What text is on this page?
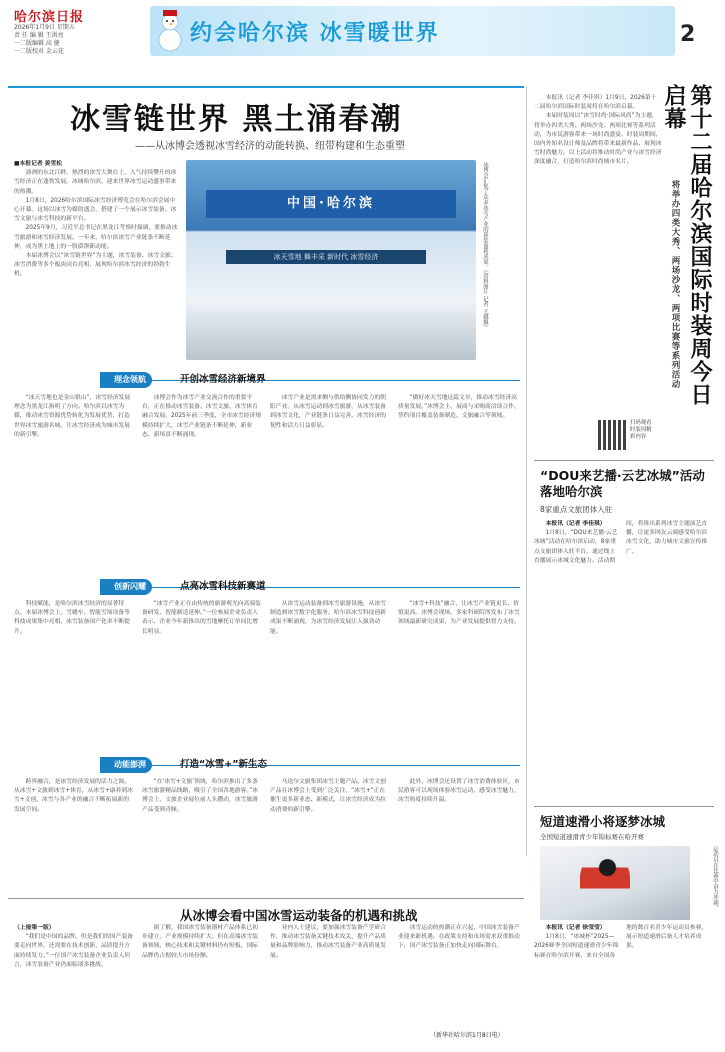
哈尔滨日报
2026年1月9日 星期五
责 任 编 辑 王洪亮
一二版编辑 高 健
一二版校对 金云花
约会哈尔滨 冰雪暖世界	2
冰雪链世界 黑土涌春潮
——从冰博会透视冰雪经济的动能转换、纽带构建和生态重塑

■本报记者 姜雪松

凛冽的东北江畔，热烈的冰雪大舞台上，人气持续攀升的冰雪经济正在蓬勃发展。冰城哈尔滨，迎来世界冰雪运动盛事带来的热潮。

1月8日，2026哈尔滨国际冰雪经济博览会在哈尔滨会展中心开幕。这场以冰雪为媒的盛会，搭建了一个展示冰雪装备、冰雪文旅与冰雪科技的新平台。

2025年9月，习近平总书记在黑龙江考察时强调，要推动冰雪旅游和冰雪经济发展。一年来，哈尔滨冰雪产业链条不断延伸，成为黑土地上的一股澎湃新动能。

本届冰博会以“冰雪链世界”为主题，冰雪装备、冰雪文旅、冰雪消费等多个板块同台亮相，展现哈尔滨冰雪经济的勃勃生机。

中国·哈尔滨
冰天雪地 舞丰采 新时代 冰雪经济	冰博会汇集了众多冰雪产业的新装备新成果。（资料图片 记者 王越摄）
理念领航	开创冰雪经济新境界
“冰天雪地也是金山银山”，冰雪经济发展理念为黑龙江指明了方向。哈尔滨以冰雪为媒，推动冰雪资源优势转化为发展优势，打造世界冰雪旅游名城，让冰雪经济成为城市发展的新引擎。
冰博会作为冰雪产业交流合作的重要平台，正在推动冰雪装备、冰雪文旅、冰雪体育融合发展。2025年前三季度，全市冰雪经济规模持续扩大，冰雪产业链条不断延伸，新业态、新场景不断涌现。
冰雪产业是需求侧与供给侧协同发力的朝阳产业。从冰雪运动到冰雪旅游，从冰雪装备到冰雪文化，产业链条日益完善，冰雪经济的韧性和活力日益彰显。
“做好冰天雪地这篇文章，推动冰雪经济高质量发展。”冰博会上，展商与采购商洽谈合作，签约项目覆盖装备制造、文旅融合等领域。
创新闪耀	点亮冰雪科技新赛道
科技赋能，是哈尔滨冰雪经济的显著特点。本届冰博会上，雪蜡车、智能雪场设备等科技成果集中亮相，冰雪装备国产化率不断提升。
“冰雪产业正在由传统的旅游观光向高端装备研发、智能制造延伸。”一位参展企业负责人表示，企业今年新推出的雪地摩托订单同比增长明显。
从冰雪运动装备到冰雪旅游设施，从冰雪制造到冰雪数字化服务，哈尔滨冰雪科技创新成果不断涌现，为冰雪经济发展注入强劲动能。
“冰雪+科技”融合，让冰雪产业链更长、价值更高。冰博会现场，多家科研院所发布了冰雪领域最新研究成果，为产业发展提供智力支持。
动能澎湃	打造“冰雪+”新生态
跨界融合，是冰雪经济发展的活力之源。从冰雪+文旅到冰雪+体育，从冰雪+康养到冰雪+文创，冰雪与各产业的融合不断拓展新的发展空间。
“在‘冰雪+文旅’领域，哈尔滨推出了多条冰雪旅游精品线路，吸引了全国各地游客。”冰博会上，文旅企业展位前人头攒动，冰雪旅游产品受到青睐。
马迭尔文旅集团冰雪主题产品、冰雪文创产品在冰博会上受到广泛关注。“冰雪+”正在催生更多新业态、新模式，让冰雪经济成为拉动消费的新引擎。
此外，冰博会还设置了冰雪消费体验区，市民游客可以现场体验冰雪运动，感受冰雪魅力，冰雪热度持续升温。
从冰博会看中国冰雪运动装备的机遇和挑战

（上接第一版）

“我们是中国的品牌，但是我们的国产装备要走向世界，还需要在技术创新、品质提升方面持续发力。”一位国产冰雪装备企业负责人坦言，冰雪装备产业仍面临诸多挑战。

据了解，我国冰雪装备器材产品体系已初步建立，产业规模持续扩大。但在高端冰雪装备领域，核心技术和关键材料仍有短板，国际品牌仍占据较大市场份额。
业内人士建议，要加强冰雪装备产学研合作，推动冰雪装备关键技术攻关，提升产品质量和品牌影响力，推动冰雪装备产业高质量发展。
冰雪运动的热潮正在兴起，中国冰雪装备产业迎来新机遇。在政策支持和市场需求双重推动下，国产冰雪装备正加快走向国际舞台。
（新华社哈尔滨1月8日电）
第十二届哈尔滨国际时装周今日启幕
将举办四类大秀、两场沙龙、两项比赛等系列活动

本报讯（记者 李佳琪）1月9日，2026第十二届哈尔滨国际时装周将在哈尔滨启幕。

本届时装周以“冰雪时尚·国际风尚”为主题，将举办四类大秀、两场沙龙、两项比赛等系列活动，为市民游客带来一场时尚盛宴。时装周期间，国内外知名设计师及品牌将带来最新作品，展现冰雪时尚魅力。以上活动将推动时尚产业与冰雪经济深度融合，打造哈尔滨时尚城市名片。

扫码观看时装周精彩内容
“DOU来艺播·云艺冰城”活动落地哈尔滨
8家重点文旅团体入驻

本报讯（记者 李佳琪）

1月8日，“DOU来艺播·云艺冰城”活动在哈尔滨启动，8家重点文旅团体入驻平台，通过线上直播展示冰城文化魅力。活动期间，将推出系列冰雪主题演艺直播，让更多网友云端感受哈尔滨冰雪文化，助力城市文旅宣传推广。

短道速滑小将逐梦冰城
全国短道速滑青少年锦标赛在哈开赛
运动员在比赛中奋力冲刺。

本报讯（记者 徐莹莹）

1月8日，“冰城杯”2025—2026赛季全国短道速滑青少年锦标赛在哈尔滨开赛，来自全国各地的数百名青少年运动员参赛，展示短道速滑后备人才培养成果。
